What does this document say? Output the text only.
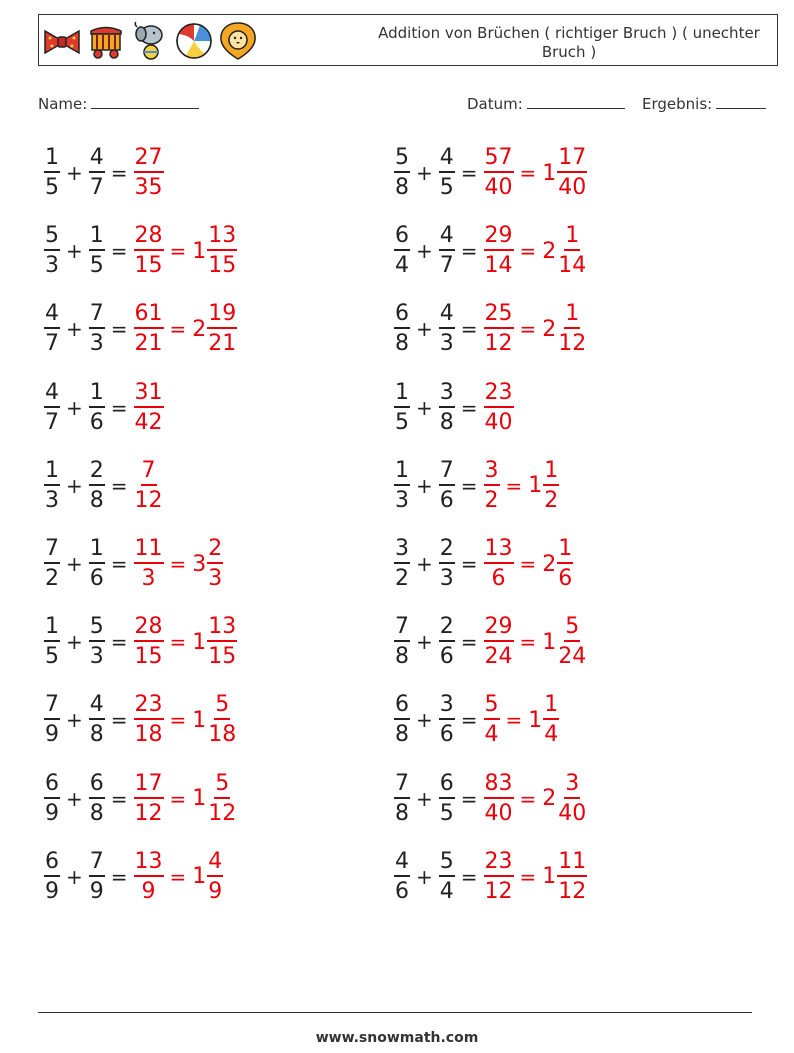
Addition von Brüchen ( richtiger Bruch ) ( unechter Bruch )
Name:	Datum:	Ergebnis:
$\frac{1}{5} + \frac{4}{7} = \frac{27}{35}$
$\frac{5}{3} + \frac{1}{5} = \frac{28}{15} = 1 \frac{13}{15}$
$\frac{4}{7} + \frac{7}{3} = \frac{61}{21} = 2 \frac{19}{21}$
$\frac{4}{7} + \frac{1}{6} = \frac{31}{42}$
$\frac{1}{3} + \frac{2}{8} = \frac{7}{12}$
$\frac{7}{2} + \frac{1}{6} = \frac{11}{3} = 3 \frac{2}{3}$
$\frac{1}{5} + \frac{5}{3} = \frac{28}{15} = 1 \frac{13}{15}$
$\frac{7}{9} + \frac{4}{8} = \frac{23}{18} = 1 \frac{5}{18}$
$\frac{6}{9} + \frac{6}{8} = \frac{17}{12} = 1 \frac{5}{12}$
$\frac{6}{9} + \frac{7}{9} = \frac{13}{9} = 1 \frac{4}{9}$
$\frac{5}{8} + \frac{4}{5} = \frac{57}{40} = 1 \frac{17}{40}$
$\frac{6}{4} + \frac{4}{7} = \frac{29}{14} = 2 \frac{1}{14}$
$\frac{6}{8} + \frac{4}{3} = \frac{25}{12} = 2 \frac{1}{12}$
$\frac{1}{5} + \frac{3}{8} = \frac{23}{40}$
$\frac{1}{3} + \frac{7}{6} = \frac{3}{2} = 1 \frac{1}{2}$
$\frac{3}{2} + \frac{2}{3} = \frac{13}{6} = 2 \frac{1}{6}$
$\frac{7}{8} + \frac{2}{6} = \frac{29}{24} = 1 \frac{5}{24}$
$\frac{6}{8} + \frac{3}{6} = \frac{5}{4} = 1 \frac{1}{4}$
$\frac{7}{8} + \frac{6}{5} = \frac{83}{40} = 2 \frac{3}{40}$
$\frac{4}{6} + \frac{5}{4} = \frac{23}{12} = 1 \frac{11}{12}$
www.snowmath.com
